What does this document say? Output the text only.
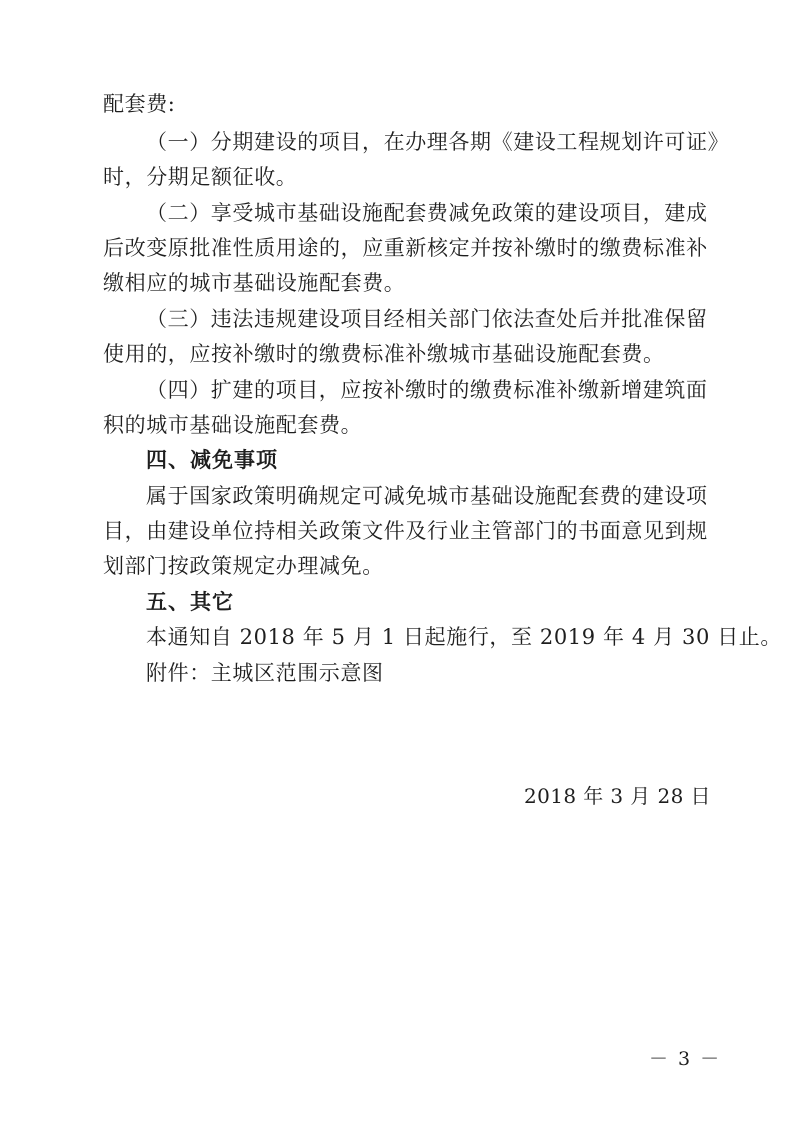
配套费:
（一）分期建设的项目，在办理各期《建设工程规划许可证》
时，分期足额征收。
（二）享受城市基础设施配套费减免政策的建设项目，建成
后改变原批准性质用途的，应重新核定并按补缴时的缴费标准补
缴相应的城市基础设施配套费。
（三）违法违规建设项目经相关部门依法查处后并批准保留
使用的，应按补缴时的缴费标准补缴城市基础设施配套费。
（四）扩建的项目，应按补缴时的缴费标准补缴新增建筑面
积的城市基础设施配套费。
四、减免事项
属于国家政策明确规定可减免城市基础设施配套费的建设项
目，由建设单位持相关政策文件及行业主管部门的书面意见到规
划部门按政策规定办理减免。
五、其它
本通知自 2018 年 5 月 1 日起施行，至 2019 年 4 月 30 日止。
附件：主城区范围示意图
2018 年 3 月 28 日
－ 3 －
